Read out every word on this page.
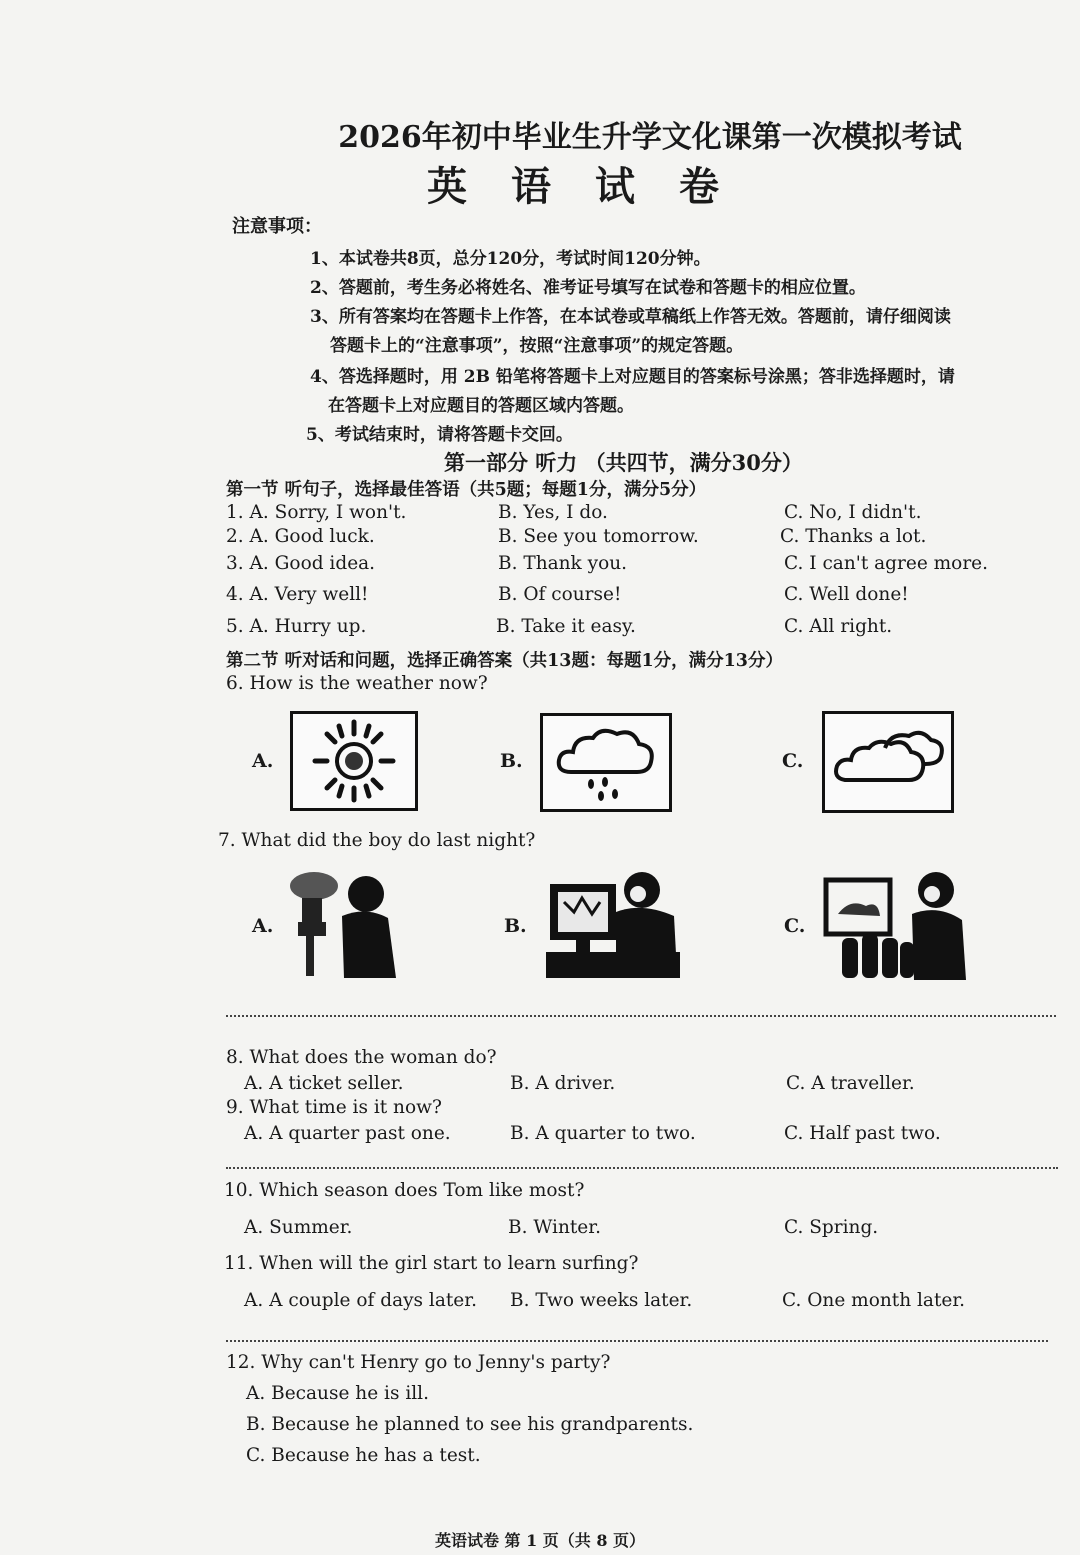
2026年初中毕业生升学文化课第一次模拟考试
英语试卷
注意事项：
1、本试卷共8页，总分120分，考试时间120分钟。
2、答题前，考生务必将姓名、准考证号填写在试卷和答题卡的相应位置。
3、所有答案均在答题卡上作答，在本试卷或草稿纸上作答无效。答题前，请仔细阅读
答题卡上的“注意事项”，按照“注意事项”的规定答题。
4、答选择题时，用 2B 铅笔将答题卡上对应题目的答案标号涂黑；答非选择题时，请
在答题卡上对应题目的答题区域内答题。
5、考试结束时，请将答题卡交回。
第一部分 听力 （共四节，满分30分）
第一节 听句子，选择最佳答语（共5题；每题1分，满分5分）
1. A. Sorry, I won't.	B. Yes, I do.	C. No, I didn't.
2. A. Good luck.	B. See you tomorrow.	C. Thanks a lot.
3. A. Good idea.	B. Thank you.	C. I can't agree more.
4. A. Very well!	B. Of course!	C. Well done!
5. A. Hurry up.	B. Take it easy.	C. All right.
第二节 听对话和问题，选择正确答案（共13题：每题1分，满分13分）
6. How is the weather now?
A.	B.	C.
7. What did the boy do last night?
A.	B.	C.
8. What does the woman do?
A. A ticket seller.	B. A driver.	C. A traveller.
9. What time is it now?
A. A quarter past one.	B. A quarter to two.	C. Half past two.
10. Which season does Tom like most?
A. Summer.	B. Winter.	C. Spring.
11. When will the girl start to learn surfing?
A. A couple of days later. B. Two weeks later.	C. One month later.
12. Why can't Henry go to Jenny's party?
A. Because he is ill.
B. Because he planned to see his grandparents.
C. Because he has a test.
英语试卷 第 1 页（共 8 页）
